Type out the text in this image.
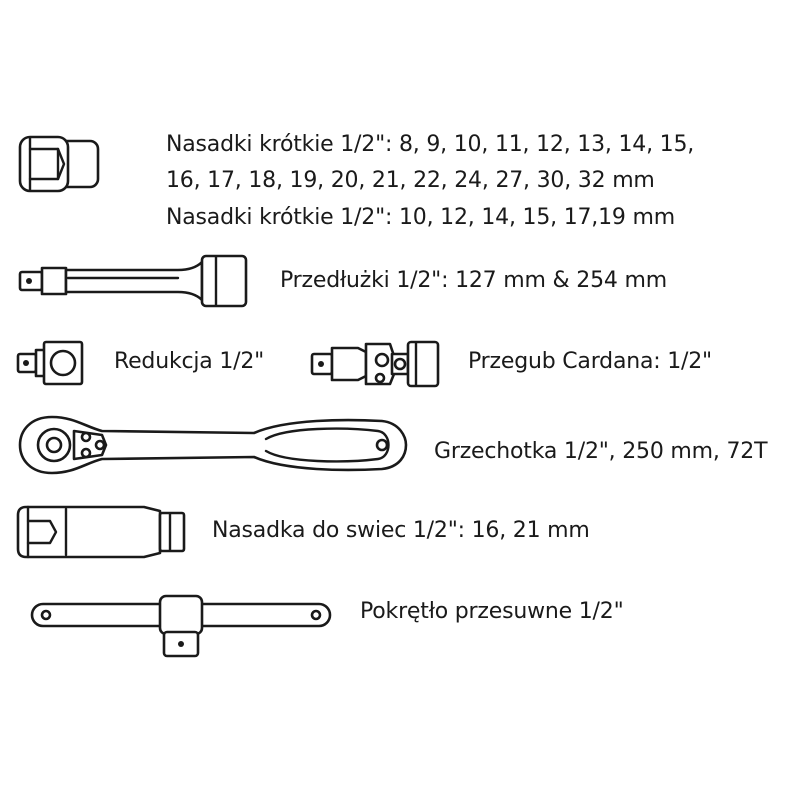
Nasadki krótkie 1/2": 8, 9, 10, 11, 12, 13, 14, 15,
16, 17, 18, 19, 20, 21, 22, 24, 27, 30, 32 mm
Nasadki krótkie 1/2": 10, 12, 14, 15, 17,19 mm
Przedłużki 1/2": 127 mm & 254 mm
Redukcja 1/2"	Przegub Cardana: 1/2"
Grzechotka 1/2", 250 mm, 72T
Nasadka do swiec 1/2": 16, 21 mm
Pokrętło przesuwne 1/2"
